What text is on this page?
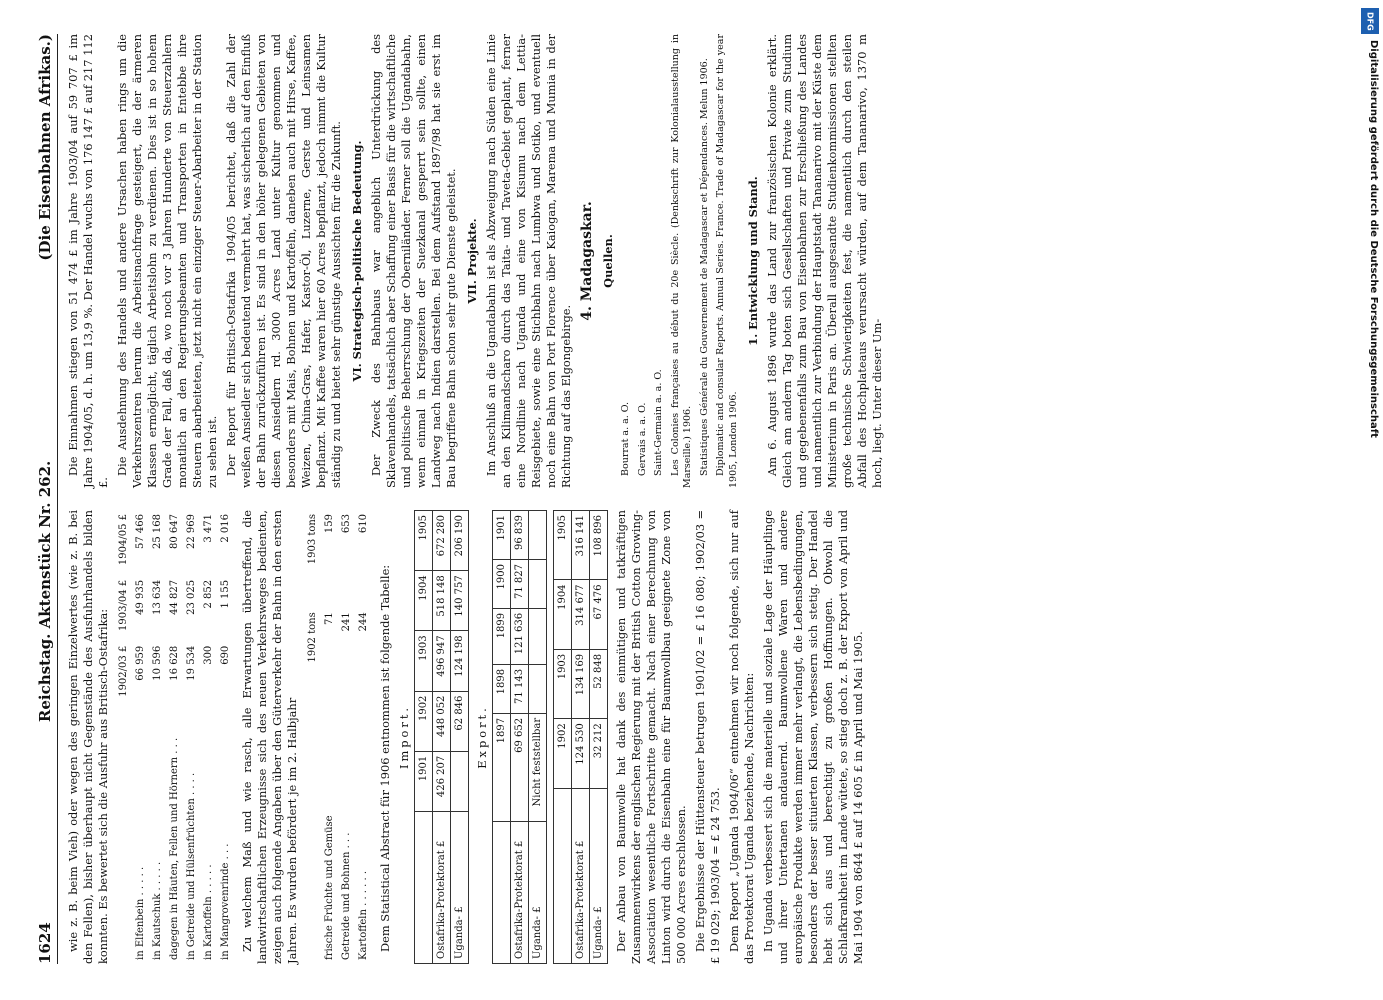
1624
Reichstag. Aktenstück Nr. 262.
(Die Eisenbahnen Afrikas.)

wie z. B. beim Vieh) oder wegen des geringen Einzelwertes (wie z. B. bei den Fellen), bisher überhaupt nicht Gegenstände des Ausfuhrhandels bilden konnten. Es bewertet sich die Ausfuhr aus Britisch-Ostafrika:

	1902/03 £	1903/04 £	1904/05 £
in Elfenbein . . . . .	66 959	49 935	57 466
in Kautschuk . . . . .	10 596	13 634	25 168
dagegen in Häuten, Fellen und Hörnern . . .	16 628	44 827	80 647
in Getreide und Hülsenfrüchten . . . .	19 534	23 025	22 969
in Kartoffeln . . . . .	300	2 852	3 471
in Mangrovenrinde . . .	690	1 155	2 016 Zu welchem Maß und wie rasch, alle Erwartungen übertreffend, die landwirtschaftlichen Erzeugnisse sich des neuen Verkehrsweges bedienten, zeigen auch folgende Angaben über den Güterverkehr der Bahn in den ersten Jahren. Es wurden befördert je im 2. Halbjahr

	1902 tons	1903 tons
frische Früchte und Gemüse	71	159
Getreide und Bohnen . . .	241	653
Kartoffeln . . . . . .	244	610

Dem Statistical Abstract für 1906 entnommen ist folgende Tabelle: Import.
	1901	1902	1903	1904	1905
Ostafrika-Protektorat £	426 207	448 052	496 947	518 148	672 280
Uganda- £		62 846	124 198	140 757	206 190
Export.
	1897	1898	1899	1900	1901
Ostafrika-Protektorat £	69 652	71 143	121 636	71 827	96 839
Uganda- £	Nicht feststellbar				
	1902	1903	1904	1905
Ostafrika-Protektorat £	124 530	134 169	314 677	316 141
Uganda- £	32 212	52 848	67 476	108 896 Der Anbau von Baumwolle hat dank des einmütigen und tatkräftigen Zusammenwirkens der englischen Regierung mit der British Cotton Growing-Association wesentliche Fortschritte gemacht. Nach einer Berechnung von Linton wird durch die Eisenbahn eine für Baumwollbau geeignete Zone von 500 000 Acres erschlossen. Die Ergebnisse der Hüttensteuer betrugen 1901/02 = £ 16 080; 1902/03 = £ 19 029; 1903/04 = £ 24 753. Dem Report „Uganda 1904/06“ entnehmen wir noch folgende, sich nur auf das Protektorat Uganda beziehende, Nachrichten: In Uganda verbessert sich die materielle und soziale Lage der Häuptlinge und ihrer Untertanen andauernd. Baumwollene Waren und andere europäische Produkte werden immer mehr verlangt, die Lebensbedingungen, besonders der besser situierten Klassen, verbessern sich stetig. Der Handel hebt sich aus und berechtigt zu großen Hoffnungen. Obwohl die Schlafkrankheit im Lande wütete, so stieg doch z. B. der Export von April und Mai 1904 von 8644 £ auf 14 605 £ in April und Mai 1905.

Die Einnahmen stiegen von 51 474 £ im Jahre 1903/04 auf 59 707 £ im Jahre 1904/05, d. h. um 13,9 %. Der Handel wuchs von 176 147 £ auf 217 112 £.

Die Ausdehnung des Handels und andere Ursachen haben rings um die Verkehrszentren herum die Arbeitsnachfrage gesteigert, die der ärmeren Klassen ermöglicht, täglich Arbeitslohn zu verdienen. Dies ist in so hohem Grade der Fall, daß da, wo noch vor 3 Jahren Hunderte von Steuerzahlern monatlich an den Regierungsbeamten und Transporten in Entebbe ihre Steuern abarbeiteten, jetzt nicht ein einziger Steuer-Abarbeiter in der Station zu sehen ist. Der Report für Britisch-Ostafrika 1904/05 berichtet, daß die Zahl der weißen Ansiedler sich bedeutend vermehrt hat, was sicherlich auf den Einfluß der Bahn zurückzuführen ist. Es sind in den höher gelegenen Gebieten von diesen Ansiedlern rd. 3000 Acres Land unter Kultur genommen und besonders mit Mais, Bohnen und Kartoffeln, daneben auch mit Hirse, Kaffee, Weizen, China-Gras, Hafer, Kastor-Öl, Luzerne, Gerste und Leinsamen bepflanzt. Mit Kaffee waren hier 60 Acres bepflanzt, jedoch nimmt die Kultur ständig zu und bietet sehr günstige Aussichten für die Zukunft. VI. Strategisch-politische Bedeutung. Der Zweck des Bahnbaus war angeblich Unterdrückung des Sklavenhandels, tatsächlich aber Schaffung einer Basis für die wirtschaftliche und politische Beherrschung der Oberniländer. Ferner soll die Ugandabahn, wenn einmal in Kriegszeiten der Suezkanal gesperrt sein sollte, einen Landweg nach Indien darstellen. Bei dem Aufstand 1897/98 hat sie erst im Bau begriffene Bahn schon sehr gute Dienste geleistet. VII. Projekte. Im Anschluß an die Ugandabahn ist als Abzweigung nach Süden eine Linie an den Kilimandscharo durch das Taita- und Taveta-Gebiet geplant, ferner eine Nordlinie nach Uganda und eine von Kisumu nach dem Lettia-Reisgebiete, sowie eine Stichbahn nach Lumbwa und Sotiko, und eventuell noch eine Bahn von Port Florence über Kaiogan, Marema und Mumia in der Richtung auf das Elgongebirge.

4. Madagaskar. Quellen.

Bourrat a. a. O. Gervais a. a. O. Saint-Germain a. a. O. Les Colonies françaises au début du 20e Siècle. (Denkschrift zur Kolonialausstellung in Marseille.) 1906. Statistiques Générale du Gouvernement de Madagascar et Dépendances. Melun 1906. Diplomatic and consular Reports. Annual Series. France. Trade of Madagascar for the year 1905, London 1906.

1. Entwicklung und Stand. Am 6. August 1896 wurde das Land zur französischen Kolonie erklärt. Gleich am andern Tag boten sich Gesellschaften und Private zum Studium und gegebenenfalls zum Bau von Eisenbahnen zur Erschließung des Landes und namentlich zur Verbindung der Hauptstadt Tananarivo mit der Küste dem Ministerium in Paris an. Überall ausgesandte Studienkommissionen stellten große technische Schwierigkeiten fest, die namentlich durch den steilen Abfall des Hochplateaus verursacht würden, auf dem Tananarivo, 1370 m hoch, liegt. Unter dieser Um-

DFG
Digitalisierung gefördert durch die Deutsche Forschungsgemeinschaft
